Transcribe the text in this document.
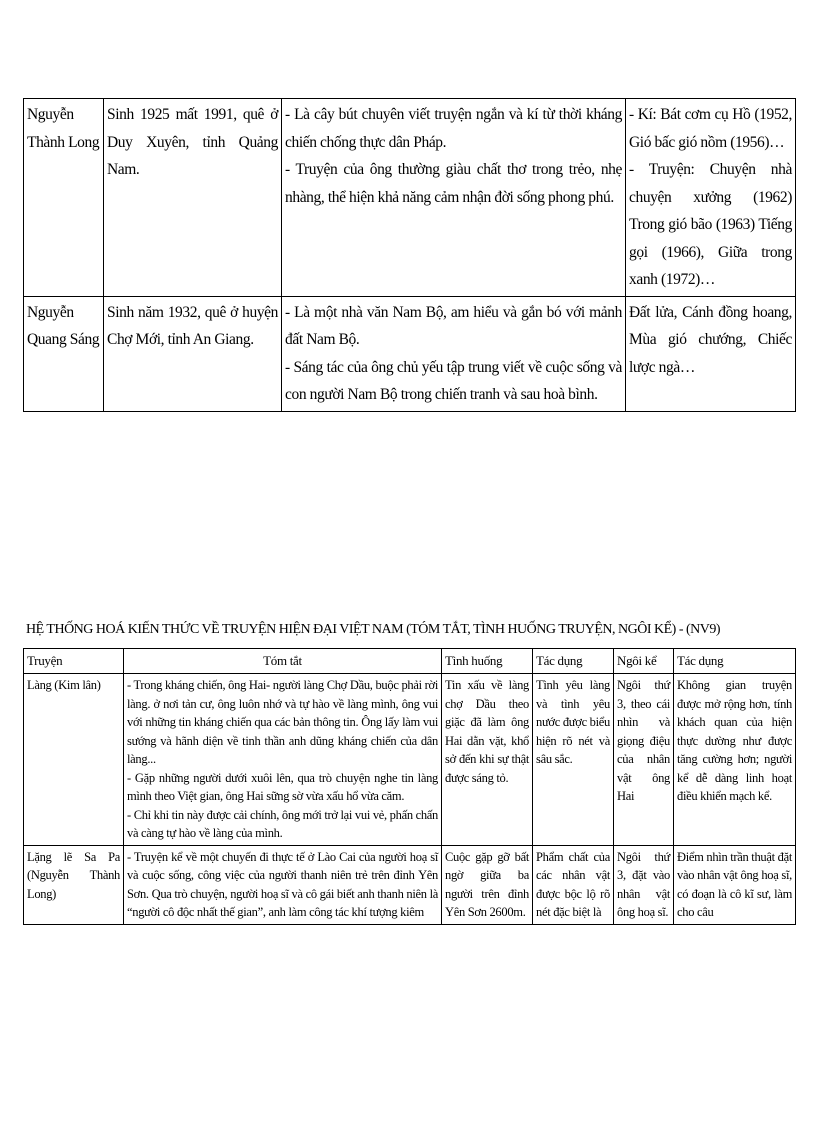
Nguyễn Thành Long	Sinh 1925 mất 1991, quê ở Duy Xuyên, tỉnh Quảng Nam.	- Là cây bút chuyên viết truyện ngắn và kí từ thời kháng chiến chống thực dân Pháp.
- Truyện của ông thường giàu chất thơ trong trẻo, nhẹ nhàng, thể hiện khả năng cảm nhận đời sống phong phú.	- Kí: Bát cơm cụ Hồ (1952, Gió bấc gió nồm (1956)…
- Truyện: Chuyện nhà chuyện xưởng (1962) Trong gió bão (1963) Tiếng gọi (1966), Giữa trong xanh (1972)…

Nguyễn Quang Sáng	Sinh năm 1932, quê ở huyện Chợ Mới, tỉnh An Giang.	- Là một nhà văn Nam Bộ, am hiểu và gắn bó với mảnh đất Nam Bộ.
- Sáng tác của ông chủ yếu tập trung viết về cuộc sống và con người Nam Bộ trong chiến tranh và sau hoà bình.	Đất lửa, Cánh đồng hoang, Mùa gió chướng, Chiếc lược ngà…
HỆ THỐNG HOÁ KIẾN THỨC VỀ TRUYỆN HIỆN ĐẠI VIỆT NAM (TÓM TẮT, TÌNH HUỐNG TRUYỆN, NGÔI KỂ) - (NV9)
Truyện	Tóm tắt	Tình huống	Tác dụng	Ngôi kể	Tác dụng
Làng (Kim lân)	- Trong kháng chiến, ông Hai- người làng Chợ Dầu, buộc phải rời làng. ở nơi tản cư, ông luôn nhớ và tự hào về làng mình, ông vui với những tin kháng chiến qua các bản thông tin. Ông lấy làm vui sướng và hãnh diện về tinh thần anh dũng kháng chiến của dân làng...
- Gặp những người dưới xuôi lên, qua trò chuyện nghe tin làng mình theo Việt gian, ông Hai sững sờ vừa xấu hổ vừa căm.
- Chỉ khi tin này được cải chính, ông mới trở lại vui vẻ, phấn chấn và càng tự hào về làng của mình.	Tin xấu về làng chợ Dầu theo giặc đã làm ông Hai dằn vặt, khổ sở đến khi sự thật được sáng tỏ.	Tình yêu làng và tình yêu nước được biểu hiện rõ nét và sâu sắc.	Ngôi thứ 3, theo cái nhìn và giọng điệu của nhân vật ông Hai	Không gian truyện được mở rộng hơn, tính khách quan của hiện thực dường như được tăng cường hơn; người kể dễ dàng linh hoạt điều khiển mạch kể.
Lặng lẽ Sa Pa (Nguyễn Thành Long)	- Truyện kể về một chuyến đi thực tế ở Lào Cai của người hoạ sĩ và cuộc sống, công việc của người thanh niên trẻ trên đỉnh Yên Sơn. Qua trò chuyện, người hoạ sĩ và cô gái biết anh thanh niên là “người cô độc nhất thế gian”, anh làm công tác khí tượng kiêm	Cuộc gặp gỡ bất ngờ giữa ba người trên đỉnh Yên Sơn 2600m.	Phẩm chất của các nhân vật được bộc lộ rõ nét đặc biệt là	Ngôi thứ 3, đặt vào nhân vật ông hoạ sĩ.	Điểm nhìn trần thuật đặt vào nhân vật ông hoạ sĩ, có đoạn là cô kĩ sư, làm cho câu
